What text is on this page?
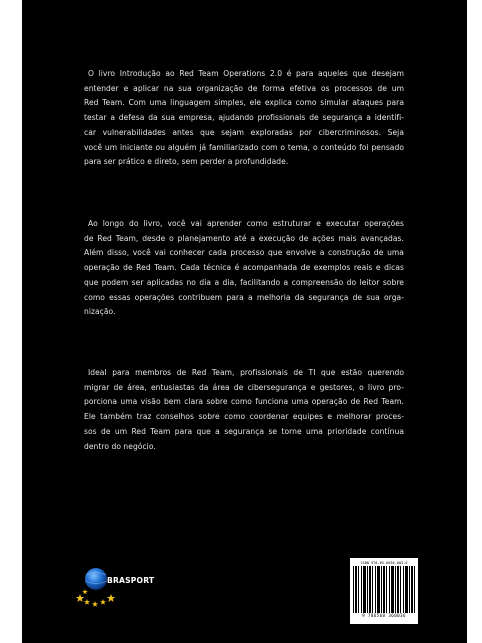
O livro Introdução ao Red Team Operations 2.0 é para aqueles que desejam
entender e aplicar na sua organização de forma efetiva os processos de um
Red Team. Com uma linguagem simples, ele explica como simular ataques para
testar a defesa da sua empresa, ajudando profissionais de segurança a identifi-
car vulnerabilidades antes que sejam exploradas por cibercriminosos. Seja
você um iniciante ou alguém já familiarizado com o tema, o conteúdo foi pensado
para ser prático e direto, sem perder a profundidade.
Ao longo do livro, você vai aprender como estruturar e executar operações
de Red Team, desde o planejamento até a execução de ações mais avançadas.
Além disso, você vai conhecer cada processo que envolve a construção de uma
operação de Red Team. Cada técnica é acompanhada de exemplos reais e dicas
que podem ser aplicadas no dia a dia, facilitando a compreensão do leitor sobre
como essas operações contribuem para a melhoria da segurança de sua orga-
nização.
Ideal para membros de Red Team, profissionais de TI que estão querendo
migrar de área, entusiastas da área de cibersegurança e gestores, o livro pro-
porciona uma visão bem clara sobre como funciona uma operação de Red Team.
Ele também traz conselhos sobre como coordenar equipes e melhorar proces-
sos de um Red Team para que a segurança se torne uma prioridade contínua
dentro do negócio.
BRASPORT
ISBN 978-65-6036-003-6
9 786560 360036
